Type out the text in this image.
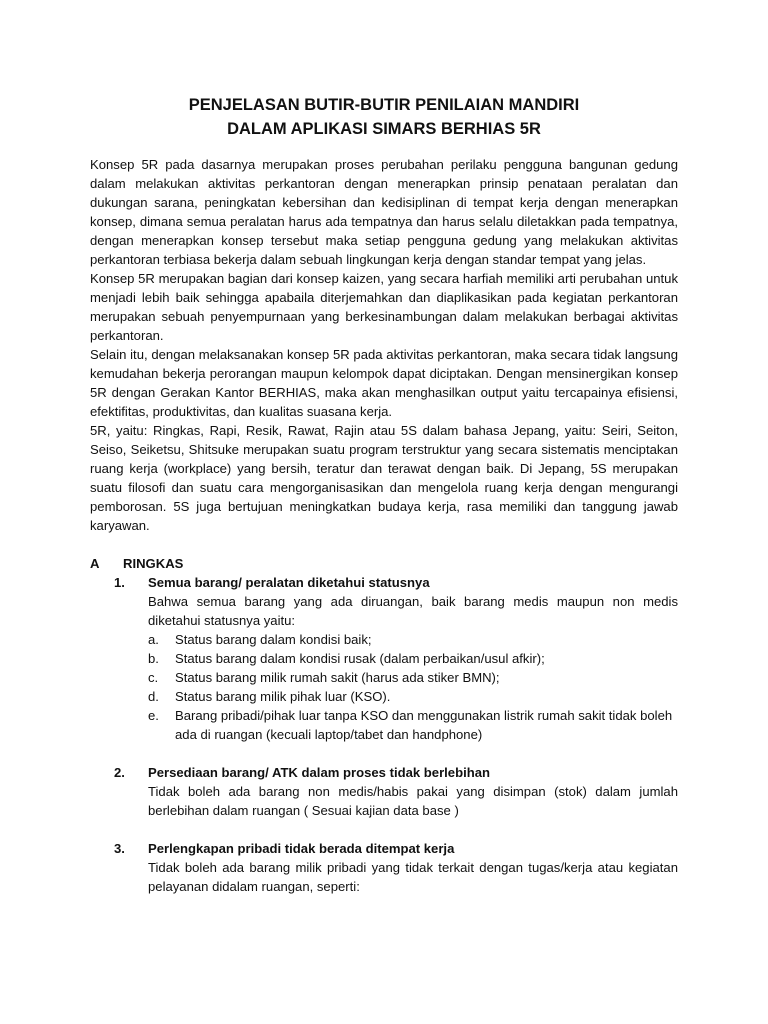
PENJELASAN BUTIR-BUTIR PENILAIAN MANDIRI
DALAM APLIKASI SIMARS BERHIAS 5R

Konsep 5R pada dasarnya merupakan proses perubahan perilaku pengguna bangunan gedung dalam melakukan aktivitas perkantoran dengan menerapkan prinsip penataan peralatan dan dukungan sarana, peningkatan kebersihan dan kedisiplinan di tempat kerja dengan menerapkan konsep, dimana semua peralatan harus ada tempatnya dan harus selalu diletakkan pada tempatnya, dengan menerapkan konsep tersebut maka setiap pengguna gedung yang melakukan aktivitas perkantoran terbiasa bekerja dalam sebuah lingkungan kerja dengan standar tempat yang jelas.

Konsep 5R merupakan bagian dari konsep kaizen, yang secara harfiah memiliki arti perubahan untuk menjadi lebih baik sehingga apabaila diterjemahkan dan diaplikasikan pada kegiatan perkantoran merupakan sebuah penyempurnaan yang berkesinambungan dalam melakukan berbagai aktivitas perkantoran.

Selain itu, dengan melaksanakan konsep 5R pada aktivitas perkantoran, maka secara tidak langsung kemudahan bekerja perorangan maupun kelompok dapat diciptakan. Dengan mensinergikan konsep 5R dengan Gerakan Kantor BERHIAS, maka akan menghasilkan output yaitu tercapainya efisiensi, efektifitas, produktivitas, dan kualitas suasana kerja.

5R, yaitu: Ringkas, Rapi, Resik, Rawat, Rajin atau 5S dalam bahasa Jepang, yaitu: Seiri, Seiton, Seiso, Seiketsu, Shitsuke merupakan suatu program terstruktur yang secara sistematis menciptakan ruang kerja (workplace) yang bersih, teratur dan terawat dengan baik. Di Jepang, 5S merupakan suatu filosofi dan suatu cara mengorganisasikan dan mengelola ruang kerja dengan mengurangi pemborosan. 5S juga bertujuan meningkatkan budaya kerja, rasa memiliki dan tanggung jawab karyawan.

A	RINGKAS
1.	Semua barang/ peralatan diketahui statusnya
Bahwa semua barang yang ada diruangan, baik barang medis maupun non medis diketahui statusnya yaitu:
a.	Status barang dalam kondisi baik;
b.	Status barang dalam kondisi rusak (dalam perbaikan/usul afkir);
c.	Status barang milik rumah sakit (harus ada stiker BMN);
d.	Status barang milik pihak luar (KSO).
e.	Barang pribadi/pihak luar tanpa KSO dan menggunakan listrik rumah sakit tidak boleh ada di ruangan (kecuali laptop/tabet dan handphone)
2.	Persediaan barang/ ATK dalam proses tidak berlebihan
Tidak boleh ada barang non medis/habis pakai yang disimpan (stok) dalam jumlah berlebihan dalam ruangan ( Sesuai kajian data base )
3.	Perlengkapan pribadi tidak berada ditempat kerja
Tidak boleh ada barang milik pribadi yang tidak terkait dengan tugas/kerja atau kegiatan pelayanan didalam ruangan, seperti:
